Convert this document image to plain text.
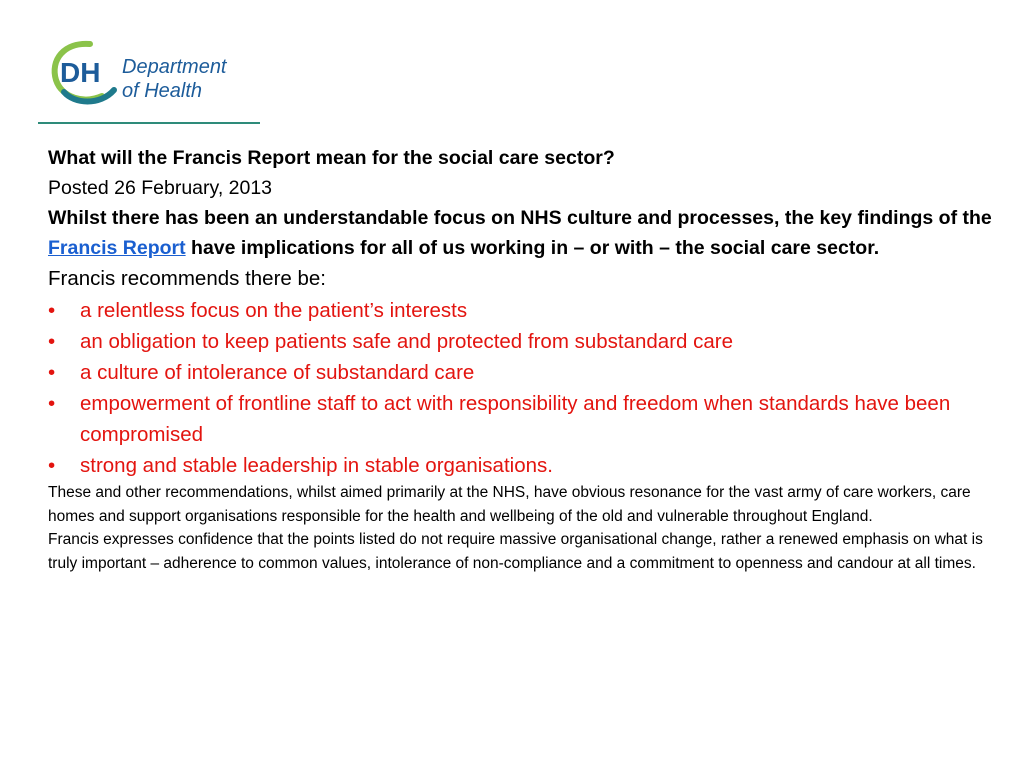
DH Department
of Health

What will the Francis Report mean for the social care sector?

Posted 26 February, 2013

Whilst there has been an understandable focus on NHS culture and processes, the key findings of the Francis Report have implications for all of us working in – or with – the social care sector.

Francis recommends there be:

• a relentless focus on the patient’s interests
• an obligation to keep patients safe and protected from substandard care
• a culture of intolerance of substandard care
• empowerment of frontline staff to act with responsibility and freedom when standards have been compromised
• strong and stable leadership in stable organisations.

These and other recommendations, whilst aimed primarily at the NHS, have obvious resonance for the vast army of care workers, care homes and support organisations responsible for the health and wellbeing of the old and vulnerable throughout England.

Francis expresses confidence that the points listed do not require massive organisational change, rather a renewed emphasis on what is truly important – adherence to common values, intolerance of non-compliance and a commitment to openness and candour at all times.
